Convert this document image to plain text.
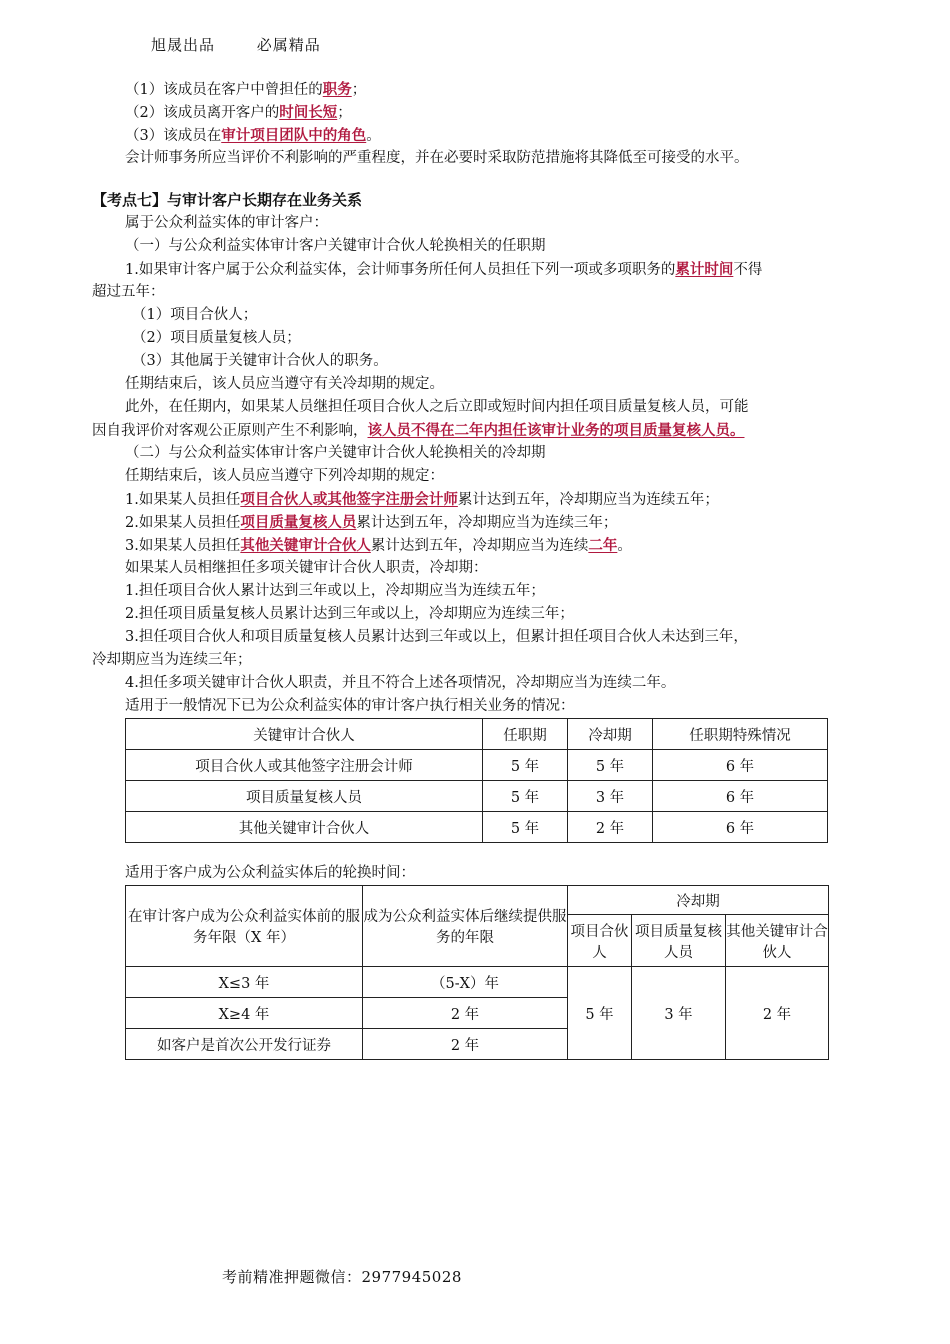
旭晟出品	必属精品
（1）该成员在客户中曾担任的职务；
（2）该成员离开客户的时间长短；
（3）该成员在审计项目团队中的角色。
会计师事务所应当评价不利影响的严重程度，并在必要时采取防范措施将其降低至可接受的水平。
【考点七】与审计客户长期存在业务关系
属于公众利益实体的审计客户：
（一）与公众利益实体审计客户关键审计合伙人轮换相关的任职期
1.如果审计客户属于公众利益实体，会计师事务所任何人员担任下列一项或多项职务的累计时间不得
超过五年：
（1）项目合伙人；
（2）项目质量复核人员；
（3）其他属于关键审计合伙人的职务。
任期结束后，该人员应当遵守有关冷却期的规定。
此外，在任期内，如果某人员继担任项目合伙人之后立即或短时间内担任项目质量复核人员，可能
因自我评价对客观公正原则产生不利影响，该人员不得在二年内担任该审计业务的项目质量复核人员。
（二）与公众利益实体审计客户关键审计合伙人轮换相关的冷却期
任期结束后，该人员应当遵守下列冷却期的规定：
1.如果某人员担任项目合伙人或其他签字注册会计师累计达到五年，冷却期应当为连续五年；
2.如果某人员担任项目质量复核人员累计达到五年，冷却期应当为连续三年；
3.如果某人员担任其他关键审计合伙人累计达到五年，冷却期应当为连续二年。
如果某人员相继担任多项关键审计合伙人职责，冷却期：
1.担任项目合伙人累计达到三年或以上，冷却期应当为连续五年；
2.担任项目质量复核人员累计达到三年或以上，冷却期应为连续三年；
3.担任项目合伙人和项目质量复核人员累计达到三年或以上，但累计担任项目合伙人未达到三年，
冷却期应当为连续三年；
4.担任多项关键审计合伙人职责，并且不符合上述各项情况，冷却期应当为连续二年。
适用于一般情况下已为公众利益实体的审计客户执行相关业务的情况：
关键审计合伙人	任职期	冷却期	任职期特殊情况
项目合伙人或其他签字注册会计师	5 年	5 年	6 年
项目质量复核人员	5 年	3 年	6 年
其他关键审计合伙人	5 年	2 年	6 年
适用于客户成为公众利益实体后的轮换时间：
在审计客户成为公众利益实体前的服务年限（X 年）	成为公众利益实体后继续提供服务的年限	冷却期		
		项目合伙人	项目质量复核人员	其他关键审计合伙人
X≤3 年	（5-X）年	5 年	3 年	2 年
X≥4 年	2 年			
如客户是首次公开发行证券	2 年			
考前精准押题微信：2977945028
